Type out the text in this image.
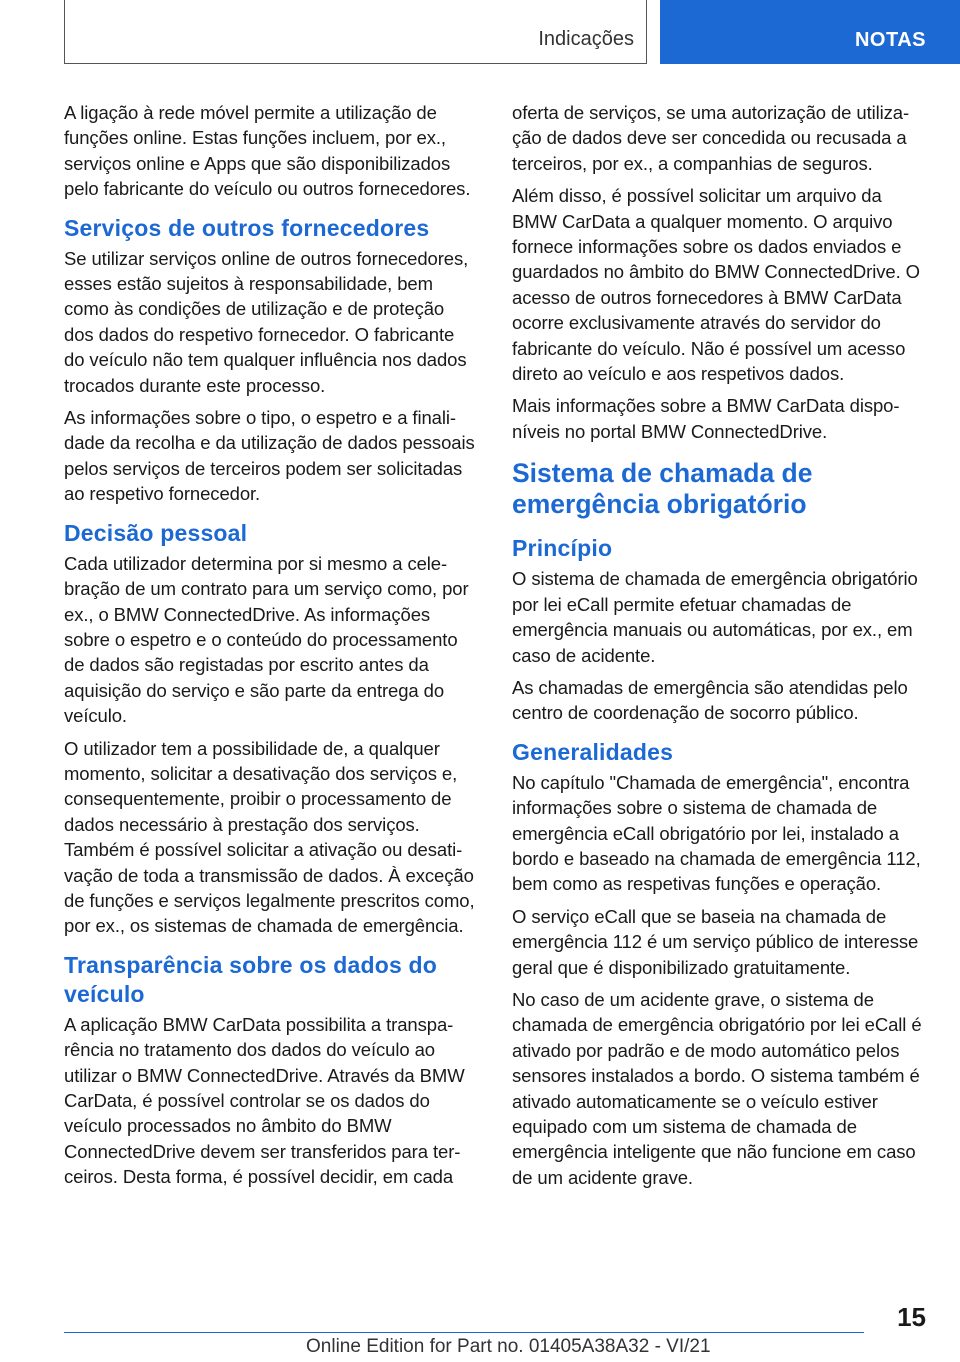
Indicações	NOTAS

A ligação à rede móvel permite a utilização de funções online. Estas funções incluem, por ex., serviços online e Apps que são disponibilizados pelo fabricante do veículo ou outros fornecedores.

Serviços de outros fornecedores

Se utilizar serviços online de outros fornecedores, esses estão sujeitos à responsabilidade, bem como às condições de utilização e de proteção dos dados do respetivo fornecedor. O fabricante do veículo não tem qualquer influência nos dados trocados durante este processo.

As informações sobre o tipo, o espetro e a finalidade da recolha e da utilização de dados pessoais pelos serviços de terceiros podem ser solicitadas ao respetivo fornecedor.

Decisão pessoal

Cada utilizador determina por si mesmo a celebração de um contrato para um serviço como, por ex., o BMW ConnectedDrive. As informações sobre o espetro e o conteúdo do processamento de dados são registadas por escrito antes da aquisição do serviço e são parte da entrega do veículo.

O utilizador tem a possibilidade de, a qualquer momento, solicitar a desativação dos serviços e, consequentemente, proibir o processamento de dados necessário à prestação dos serviços. Também é possível solicitar a ativação ou desativação de toda a transmissão de dados. À exceção de funções e serviços legalmente prescritos como, por ex., os sistemas de chamada de emergência.

Transparência sobre os dados do veículo

A aplicação BMW CarData possibilita a transparência no tratamento dos dados do veículo ao utilizar o BMW ConnectedDrive. Através da BMW CarData, é possível controlar se os dados do veículo processados no âmbito do BMW ConnectedDrive devem ser transferidos para terceiros. Desta forma, é possível decidir, em cada

oferta de serviços, se uma autorização de utilização de dados deve ser concedida ou recusada a terceiros, por ex., a companhias de seguros.

Além disso, é possível solicitar um arquivo da BMW CarData a qualquer momento. O arquivo fornece informações sobre os dados enviados e guardados no âmbito do BMW ConnectedDrive. O acesso de outros fornecedores à BMW CarData ocorre exclusivamente através do servidor do fabricante do veículo. Não é possível um acesso direto ao veículo e aos respetivos dados.

Mais informações sobre a BMW CarData disponíveis no portal BMW ConnectedDrive.

Sistema de chamada de emergência obrigatório
Princípio

O sistema de chamada de emergência obrigatório por lei eCall permite efetuar chamadas de emergência manuais ou automáticas, por ex., em caso de acidente.

As chamadas de emergência são atendidas pelo centro de coordenação de socorro público.

Generalidades

No capítulo "Chamada de emergência", encontra informações sobre o sistema de chamada de emergência eCall obrigatório por lei, instalado a bordo e baseado na chamada de emergência 112, bem como as respetivas funções e operação.

O serviço eCall que se baseia na chamada de emergência 112 é um serviço público de interesse geral que é disponibilizado gratuitamente.

No caso de um acidente grave, o sistema de chamada de emergência obrigatório por lei eCall é ativado por padrão e de modo automático pelos sensores instalados a bordo. O sistema também é ativado automaticamente se o veículo estiver equipado com um sistema de chamada de emergência inteligente que não funcione em caso de um acidente grave.

15
Online Edition for Part no. 01405A38A32 - VI/21
